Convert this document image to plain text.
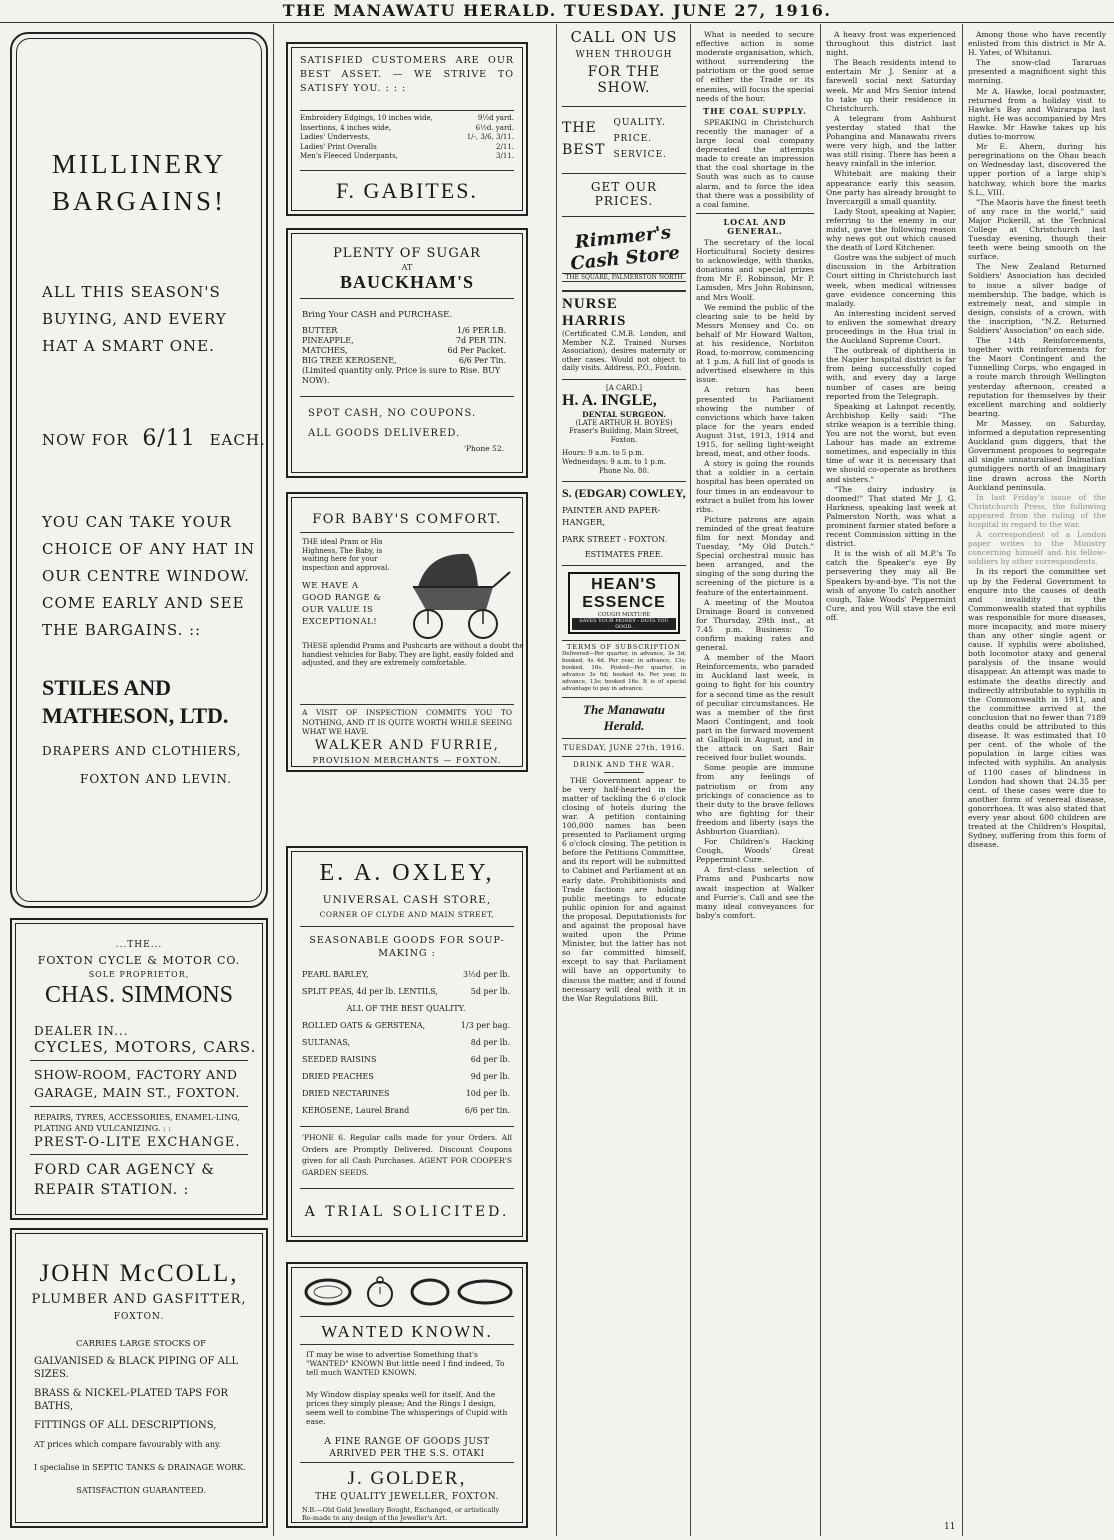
THE MANAWATU HERALD. TUESDAY. JUNE 27, 1916.
MILLINERY
BARGAINS!
ALL THIS SEASON'S
BUYING, AND EVERY
HAT A SMART ONE.
NOW FOR 6/11 EACH.
YOU CAN TAKE YOUR
CHOICE OF ANY HAT IN
OUR CENTRE WINDOW.
COME EARLY AND SEE
THE BARGAINS. ::
STILES AND
MATHESON, LTD.
DRAPERS AND CLOTHIERS,
FOXTON AND LEVIN.
...THE...
FOXTON CYCLE & MOTOR CO.
SOLE PROPRIETOR,
CHAS. SIMMONS
DEALER IN...
CYCLES, MOTORS, CARS.
SHOW-ROOM, FACTORY AND
GARAGE, MAIN ST., FOXTON.
REPAIRS, TYRES, ACCESSORIES, ENAMEL-LING, PLATING AND VULCANIZING. : :
PREST-O-LITE EXCHANGE.
FORD CAR AGENCY &
REPAIR STATION. :
JOHN McCOLL,
PLUMBER AND GASFITTER,
FOXTON.
CARRIES LARGE STOCKS OF
GALVANISED & BLACK PIPING OF ALL SIZES.
BRASS & NICKEL-PLATED TAPS FOR BATHS,
FITTINGS OF ALL DESCRIPTIONS,
AT prices which compare favourably with any.
I specialise in SEPTIC TANKS & DRAINAGE WORK.
SATISFACTION GUARANTEED.
SATISFIED CUSTOMERS ARE OUR BEST ASSET. — WE STRIVE TO SATISFY YOU. : : :
Embroidery Edgings, 10 inches wide,	9½d yard.
Insertions, 4 inches wide,	6½d. yard.
Ladies' Undervests,	1/-, 3/6, 3/11.
Ladies' Print Overalls	2/11.
Men's Fleeced Underpants,	3/11.
F. GABITES.
PLENTY OF SUGAR
AT
BAUCKHAM'S
Bring Your CASH and PURCHASE.
BUTTER	1/6 PER LB.
PINEAPPLE,	7d PER TIN.
MATCHES,	6d Per Packet.
BIG TREE KEROSENE,	6/6 Per Tin.
(Limited quantity only. Price is sure to Rise. BUY NOW).
SPOT CASH, NO COUPONS.
ALL GOODS DELIVERED.
'Phone 52.
FOR BABY'S COMFORT.
THE ideal Pram or His Highness, The Baby, is waiting here for your inspection and approval.
WE HAVE A GOOD RANGE & OUR VALUE IS EXCEPTIONAL!
THESE splendid Prams and Pushcarts are without a doubt the handiest vehicles for Baby. They are light, easily folded and adjusted, and they are extremely comfortable.
A VISIT OF INSPECTION COMMITS YOU TO NOTHING, AND IT IS QUITE WORTH WHILE SEEING WHAT WE HAVE.
WALKER AND FURRIE,
PROVISION MERCHANTS — FOXTON.
E. A. OXLEY,
UNIVERSAL CASH STORE,
CORNER OF CLYDE AND MAIN STREET,
SEASONABLE GOODS FOR SOUP-MAKING :
PEARL BARLEY,	3½d per lb.
SPLIT PEAS, 4d per lb. LENTILS,	5d per lb.
ALL OF THE BEST QUALITY.
ROLLED OATS & GERSTENA,	1/3 per bag.
SULTANAS,	8d per lb.
SEEDED RAISINS	6d per lb.
DRIED PEACHES	9d per lb.
DRIED NECTARINES	10d per lb.
KEROSENE, Laurel Brand	6/6 per tin.
'PHONE 6. Regular calls made for your Orders. All Orders are Promptly Delivered. Discount Coupons given for all Cash Purchases. AGENT FOR COOPER'S GARDEN SEEDS.
A TRIAL SOLICITED.
WANTED KNOWN.
IT may be wise to advertise Something that's "WANTED" KNOWN But little need I find indeed, To tell much WANTED KNOWN.
My Window display speaks well for itself, And the prices they simply please; And the Rings I design, seem well to combine The whisperings of Cupid with ease.
A FINE RANGE OF GOODS JUST ARRIVED PER THE S.S. OTAKI
J. GOLDER,
THE QUALITY JEWELLER, FOXTON.
N.B.—Old Gold Jewellery Bought, Exchanged, or artistically Re-made to any design of the Jeweller's Art.
CALL ON US
WHEN THROUGH
FOR THE SHOW.
THE
BEST
QUALITY.
PRICE.
SERVICE.
GET OUR PRICES.
Rimmer's Cash Store
THE SQUARE, PALMERSTON NORTH
NURSE HARRIS
(Certificated C.M.B. London, and Member N.Z. Trained Nurses Association), desires maternity or other cases. Would not object to daily visits. Address, P.O., Foxton.
[A CARD.]
H. A. INGLE,
DENTAL SURGEON.
(LATE ARTHUR H. BOYES)
Fraser's Building, Main Street, Foxton.
Hours: 9 a.m. to 5 p.m. Wednesdays: 9 a.m. to 1 p.m.
Phone No. 80.
S. (EDGAR) COWLEY,
PAINTER AND PAPER-HANGER,
PARK STREET - FOXTON.
ESTIMATES FREE.
HEAN'S ESSENCE
COUGH MIXTURE
SAVES YOUR MONEY - DOTS YOU GOOD.
TERMS OF SUBSCRIPTION
Delivered—Per quarter, in advance, 3s 3d; booked, 4s 4d. Per year, in advance, 13s; booked, 16s. Posted—Per quarter, in advance 3s 6d; booked 4s. Per year, in advance, 13s; booked 16s. It is of special advantage to pay in advance.
The Manawatu Herald.
TUESDAY, JUNE 27th, 1916.
DRINK AND THE WAR.

THE Government appear to be very half-hearted in the matter of tackling the 6 o'clock closing of hotels during the war. A petition containing 100,000 names has been presented to Parliament urging 6 o'clock closing. The petition is before the Petitions Committee, and its report will be submitted to Cabinet and Parliament at an early date. Prohibitionists and Trade factions are holding public meetings to educate public opinion for and against the proposal. Deputationists for and against the proposal have waited upon the Prime Minister, but the latter has not so far committed himself, except to say that Parliament will have an opportunity to discuss the matter, and if found necessary will deal with it in the War Regulations Bill.

What is needed to secure effective action is some moderate organisation, which, without surrendering the patriotism or the good sense of either the Trade or its enemies, will focus the special needs of the hour.

THE COAL SUPPLY.

SPEAKING in Christchurch recently the manager of a large local coal company deprecated the attempts made to create an impression that the coal shortage in the South was such as to cause alarm, and to force the idea that there was a possibility of a coal famine.

LOCAL AND GENERAL.

The secretary of the local Horticultural Society desires to acknowledge, with thanks, donations and special prizes from Mr F. Robinson, Mr P. Lamsden, Mrs John Robinson, and Mrs Woolf.

We remind the public of the clearing sale to be held by Messrs Monsey and Co. on behalf of Mr Howard Walton, at his residence, Norbiton Road, to-morrow, commencing at 1 p.m. A full list of goods is advertised elsewhere in this issue.

A return has been presented to Parliament showing the number of convictions which have taken place for the years ended August 31st, 1913, 1914 and 1915, for selling light-weight bread, meat, and other foods.

A story is going the rounds that a soldier in a certain hospital has been operated on four times in an endeavour to extract a bullet from his lower ribs.

Picture patrons are again reminded of the great feature film for next Monday and Tuesday, "My Old Dutch." Special orchestral music has been arranged, and the singing of the song during the screening of the picture is a feature of the entertainment.

A meeting of the Moutoa Drainage Board is convened for Thursday, 29th inst., at 7.45 p.m. Business: To confirm making rates and general.

A member of the Maori Reinforcements, who paraded in Auckland last week, is going to fight for his country for a second time as the result of peculiar circumstances. He was a member of the first Maori Contingent, and took part in the forward movement at Gallipoli in August, and in the attack on Sari Bair received four bullet wounds.

Some people are immune from any feelings of patriotism or from any prickings of conscience as to their duty to the brave fellows who are fighting for their freedom and liberty (says the Ashburton Guardian).

For Children's Hacking Cough, Woods' Great Peppermint Cure.

A first-class selection of Prams and Pushcarts now await inspection at Walker and Furrie's. Call and see the many ideal conveyances for baby's comfort.

A heavy frost was experienced throughout this district last night.

The Beach residents intend to entertain Mr J. Senior at a farewell social next Saturday week. Mr and Mrs Senior intend to take up their residence in Christchurch.

A telegram from Ashhurst yesterday stated that the Pohangina and Manawatu rivers were very high, and the latter was still rising. There has been a heavy rainfall in the interior.

Whitebait are making their appearance early this season. One party has already brought to Invercargill a small quantity.

Lady Stout, speaking at Napier, referring to the enemy in our midst, gave the following reason why news got out which caused the death of Lord Kitchener.

Gostre was the subject of much discussion in the Arbitration Court sitting in Christchurch last week, when medical witnesses gave evidence concerning this malady.

An interesting incident served to enliven the somewhat dreary proceedings in the Hua trial in the Auckland Supreme Court.

The outbreak of diphtheria in the Napier hospital district is far from being successfully coped with, and every day a large number of cases are being reported from the Telegraph.

Speaking at Lahnpot recently, Archbishop Kelly said: "The strike weapon is a terrible thing. You are not the worst, but even Labour has made an extreme sometimes, and especially in this time of war it is necessary that we should co-operate as brothers and sisters."

"The dairy industry is doomed!" That stated Mr J. G. Harkness, speaking last week at Palmerston North, was what a prominent farmer stated before a recent Commission sitting in the district.

It is the wish of all M.P.'s To catch the Speaker's eye By persevering they may all Be Speakers by-and-bye. 'Tis not the wish of anyone To catch another cough, Take Woods' Peppermint Cure, and you Will stave the evil off.

Among those who have recently enlisted from this district is Mr A. H. Yates, of Whitanui.

The snow-clad Tararuas presented a magnificent sight this morning.

Mr A. Hawke, local postmaster, returned from a holiday visit to Hawke's Bay and Wairarapa last night. He was accompanied by Mrs Hawke. Mr Hawke takes up his duties to-morrow.

Mr E. Ahern, during his peregrinations on the Ohau beach on Wednesday last, discovered the upper portion of a large ship's hatchway, which bore the marks S.L., VIII.

"The Maoris have the finest teeth of any race in the world," said Major Pickerill, at the Technical College at Christchurch last Tuesday evening, though their teeth were being smooth on the surface.

The New Zealand Returned Soldiers' Association has decided to issue a silver badge of membership. The badge, which is extremely neat, and simple in design, consists of a crown, with the inscription, "N.Z. Returned Soldiers' Association" on each side.

The 14th Reinforcements, together with reinforcements for the Maori Contingent and the Tunnelling Corps, who engaged in a route march through Wellington yesterday afternoon, created a reputation for themselves by their excellent marching and soldierly bearing.

Mr Massey, on Saturday, informed a deputation representing Auckland gum diggers, that the Government proposes to segregate all single unnaturalised Dalmatian gumdiggers north of an imaginary line drawn across the North Auckland peninsula.

In last Friday's issue of the Christchurch Press, the following appeared from the ruling of the hospital in regard to the war.

A correspondent of a London paper writes to the Ministry concerning himself and his fellow-soldiers by other correspondents.

In its report the committee set up by the Federal Government to enquire into the causes of death and invalidity in the Commonwealth stated that syphilis was responsible for more diseases, more incapacity, and more misery than any other single agent or cause. If syphilis were abolished, both locomotor ataxy and general paralysis of the insane would disappear. An attempt was made to estimate the deaths directly and indirectly attributable to syphilis in the Commonwealth in 1911, and the committee arrived at the conclusion that no fewer than 7189 deaths could be attributed to this disease. It was estimated that 10 per cent. of the whole of the population in large cities was infected with syphilis. An analysis of 1100 cases of blindness in London had shown that 24.35 per cent. of these cases were due to another form of venereal disease, gonorrhoea. It was also stated that every year about 600 children are treated at the Children's Hospital, Sydney, suffering from this form of disease.

11
